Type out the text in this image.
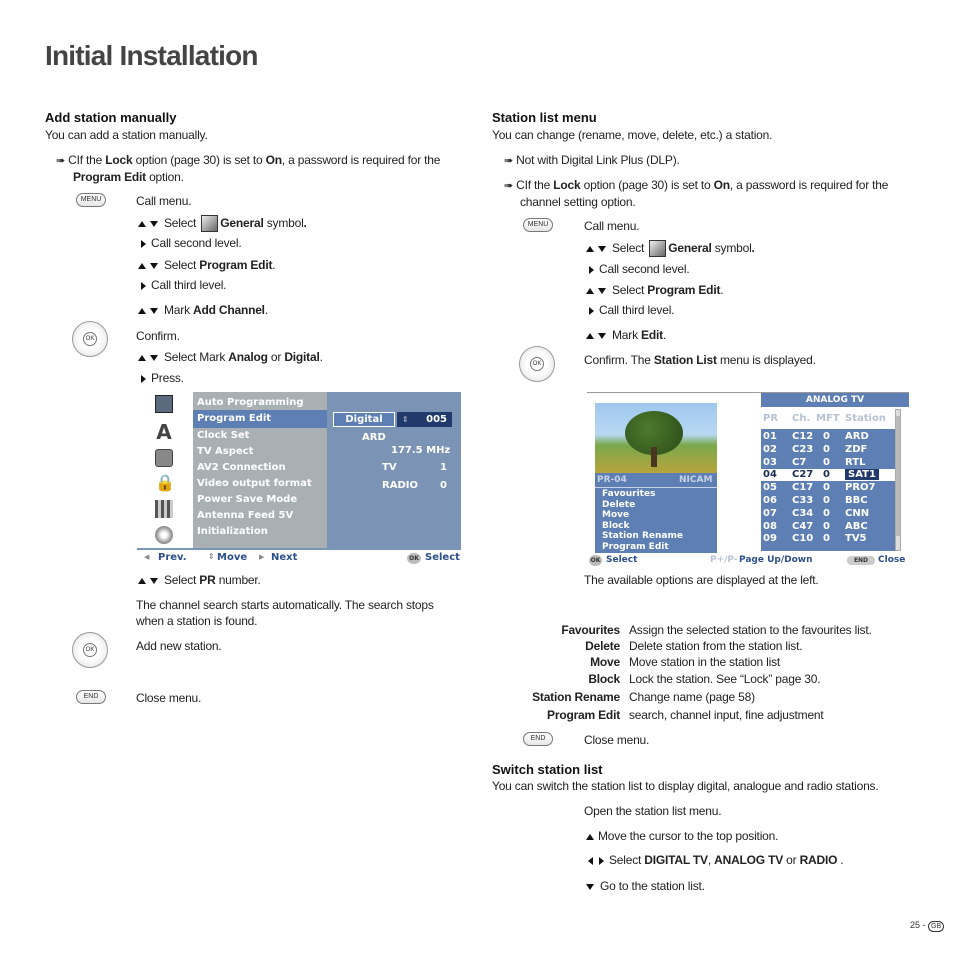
Initial Installation
Add station manually
You can add a station manually.
➠ CIf the Lock option (page 30) is set to On, a password is required for the
Program Edit option.
MENU	Call menu.
Select General symbol.
Call second level.
Select Program Edit.
Call third level.
Mark Add Channel.
OK	Confirm.
Select Mark Analog or Digital.
Press.
A
🔒
Auto Programming
Program Edit
Clock Set
TV Aspect
AV2 Connection
Video output format
Power Save Mode
Antenna Feed 5V
Initialization
Digital	⇕ 005
ARD
177.5 MHz
TV	1
RADIO 0
◀ Prev.	⇕ Move ▶ Next	OK Select
Select PR number.
The channel search starts automatically. The search stops when a station is found.
OK	Add new station.
END	Close menu.
Station list menu
You can change (rename, move, delete, etc.) a station.
➠ Not with Digital Link Plus (DLP).
➠ CIf the Lock option (page 30) is set to On, a password is required for the
channel setting option.
MENU	Call menu.
Select General symbol.
Call second level.
Select Program Edit.
Call third level.
Mark Edit.
OK	Confirm. The Station List menu is displayed.
PR-04	NICAM
Favourites
Delete
Move
Block
Station Rename
Program Edit
ANALOG TV
PR Ch. MFT Station
01 C12 0 ARD
02 C23 0 ZDF
03 C7 0 RTL
04 C27 0	SAT1
05 C17 0 PRO7
06 C33 0 BBC
07 C34 0 CNN
08 C47 0 ABC
09 C10 0 TV5
OK Select	P+/P- Page Up/Down	END	Close
The available options are displayed at the left.
Favourites Assign the selected station to the favourites list.
Delete Delete station from the station list.
Move Move station in the station list
Block Lock the station. See “Lock” page 30.
Station Rename Change name (page 58)
Program Edit search, channel input, fine adjustment
END	Close menu.
Switch station list
You can switch the station list to display digital, analogue and radio stations.
Open the station list menu.
Move the cursor to the top position.
Select DIGITAL TV, ANALOG TV or RADIO .
Go to the station list.
25 - GB
